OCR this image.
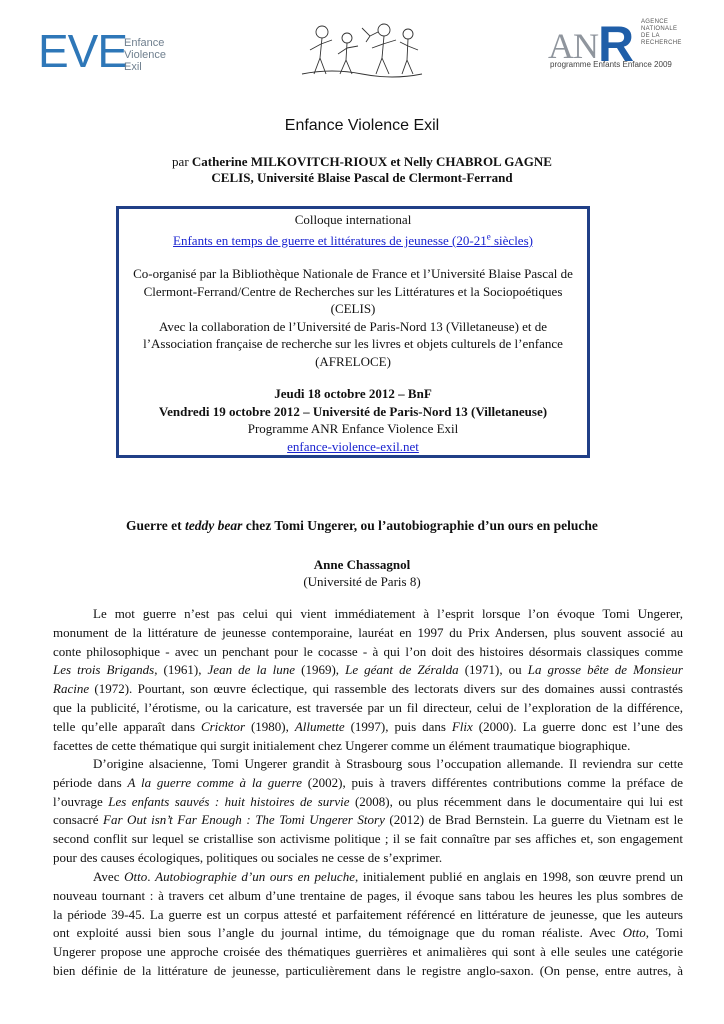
EVE
Enfance
Violence
Exil
AN R AGENCE
NATIONALE
DE LA
RECHERCHE
programme Enfants Enfance 2009
Enfance Violence Exil
par Catherine MILKOVITCH-RIOUX et Nelly CHABROL GAGNE
CELIS, Université Blaise Pascal de Clermont-Ferrand
Colloque international
Enfants en temps de guerre et littératures de jeunesse (20-21e siècles)
Co-organisé par la Bibliothèque Nationale de France et l’Université Blaise Pascal de
Clermont-Ferrand/Centre de Recherches sur les Littératures et la Sociopoétiques
(CELIS)
Avec la collaboration de l’Université de Paris-Nord 13 (Villetaneuse) et de
l’Association française de recherche sur les livres et objets culturels de l’enfance
(AFRELOCE)
Jeudi 18 octobre 2012 – BnF
Vendredi 19 octobre 2012 – Université de Paris-Nord 13 (Villetaneuse)
Programme ANR Enfance Violence Exil
enfance-violence-exil.net
Guerre et teddy bear chez Tomi Ungerer, ou l’autobiographie d’un ours en peluche
Anne Chassagnol
(Université de Paris 8)
Le mot guerre n’est pas celui qui vient immédiatement à l’esprit lorsque l’on évoque Tomi Ungerer,
monument de la littérature de jeunesse contemporaine, lauréat en 1997 du Prix Andersen, plus souvent associé au
conte philosophique - avec un penchant pour le cocasse - à qui l’on doit des histoires désormais classiques comme
Les trois Brigands, (1961), Jean de la lune (1969), Le géant de Zéralda (1971), ou La grosse bête de Monsieur
Racine (1972). Pourtant, son œuvre éclectique, qui rassemble des lectorats divers sur des domaines aussi contrastés
que la publicité, l’érotisme, ou la caricature, est traversée par un fil directeur, celui de l’exploration de la différence,
telle qu’elle apparaît dans Cricktor (1980), Allumette (1997), puis dans Flix (2000). La guerre donc est l’une des
facettes de cette thématique qui surgit initialement chez Ungerer comme un élément traumatique biographique.
D’origine alsacienne, Tomi Ungerer grandit à Strasbourg sous l’occupation allemande. Il reviendra sur cette
période dans A la guerre comme à la guerre (2002), puis à travers différentes contributions comme la préface de
l’ouvrage Les enfants sauvés : huit histoires de survie (2008), ou plus récemment dans le documentaire qui lui est
consacré Far Out isn’t Far Enough : The Tomi Ungerer Story (2012) de Brad Bernstein. La guerre du Vietnam est le
second conflit sur lequel se cristallise son activisme politique ; il se fait connaître par ses affiches et, son engagement
pour des causes écologiques, politiques ou sociales ne cesse de s’exprimer.
Avec Otto. Autobiographie d’un ours en peluche, initialement publié en anglais en 1998, son œuvre prend un
nouveau tournant : à travers cet album d’une trentaine de pages, il évoque sans tabou les heures les plus sombres de
la période 39-45. La guerre est un corpus attesté et parfaitement référencé en littérature de jeunesse, que les auteurs
ont exploité aussi bien sous l’angle du journal intime, du témoignage que du roman réaliste. Avec Otto, Tomi
Ungerer propose une approche croisée des thématiques guerrières et animalières qui sont à elle seules une catégorie
bien définie de la littérature de jeunesse, particulièrement dans le registre anglo-saxon. (On pense, entre autres, à
